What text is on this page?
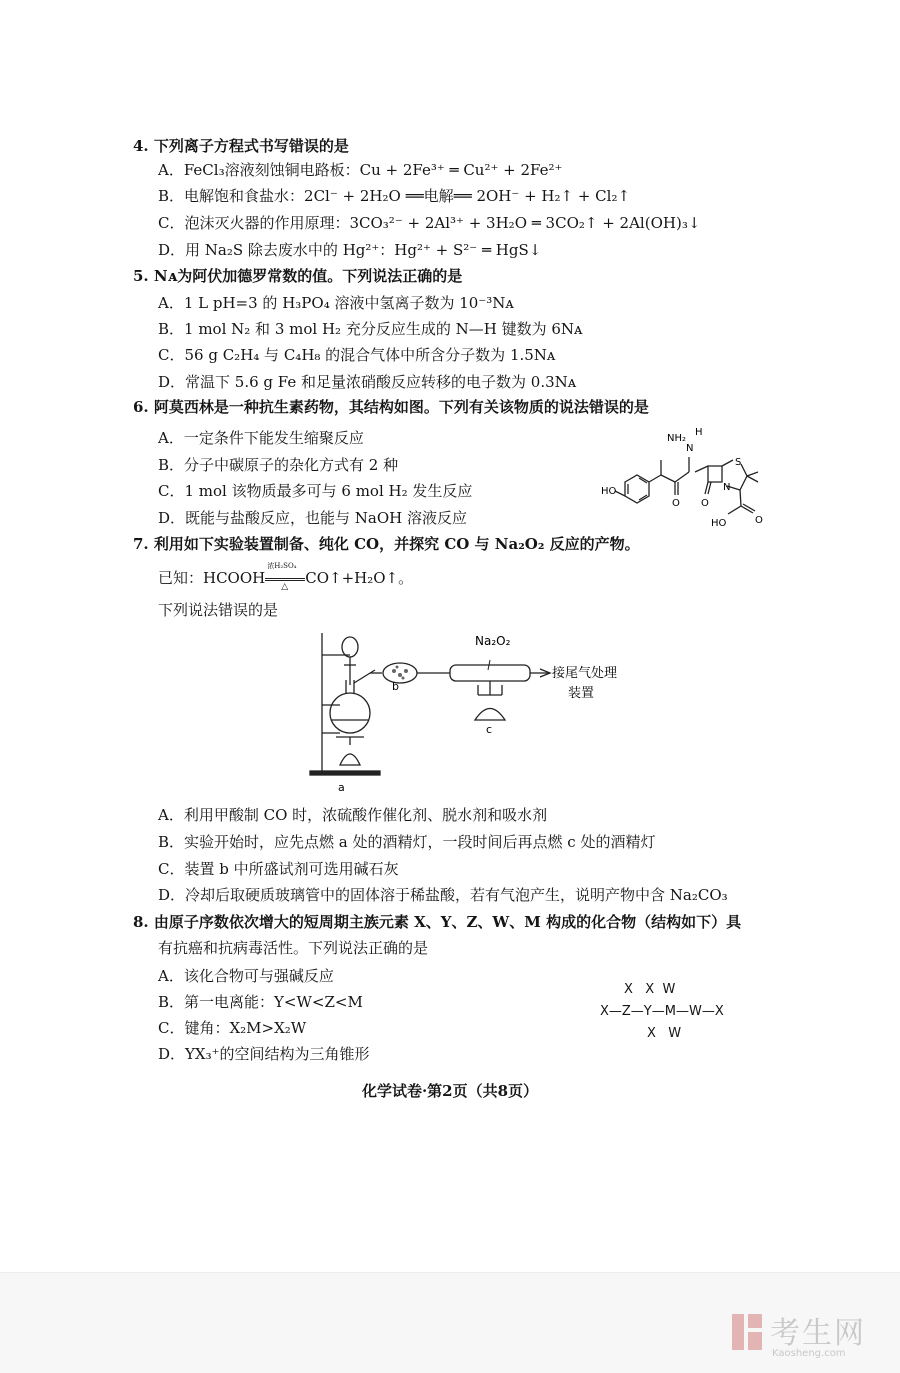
4. 下列离子方程式书写错误的是
A．FeCl₃溶液刻蚀铜电路板：Cu + 2Fe³⁺ ═ Cu²⁺ + 2Fe²⁺
B．电解饱和食盐水：2Cl⁻ + 2H₂O ══电解══ 2OH⁻ + H₂↑ + Cl₂↑
C．泡沫灭火器的作用原理：3CO₃²⁻ + 2Al³⁺ + 3H₂O ═ 3CO₂↑ + 2Al(OH)₃↓
D．用 Na₂S 除去废水中的 Hg²⁺：Hg²⁺ + S²⁻ ═ HgS↓
5. Nᴀ为阿伏加德罗常数的值。下列说法正确的是
A．1 L pH=3 的 H₃PO₄ 溶液中氢离子数为 10⁻³Nᴀ
B．1 mol N₂ 和 3 mol H₂ 充分反应生成的 N—H 键数为 6Nᴀ
C．56 g C₂H₄ 与 C₄H₈ 的混合气体中所含分子数为 1.5Nᴀ
D．常温下 5.6 g Fe 和足量浓硝酸反应转移的电子数为 0.3Nᴀ
6. 阿莫西林是一种抗生素药物，其结构如图。下列有关该物质的说法错误的是
A．一定条件下能发生缩聚反应
B．分子中碳原子的杂化方式有 2 种
C．1 mol 该物质最多可与 6 mol H₂ 发生反应
D．既能与盐酸反应，也能与 NaOH 溶液反应
NH₂
H
N
S
N
O O
HO
HO	O
7. 利用如下实验装置制备、纯化 CO，并探究 CO 与 Na₂O₂ 反应的产物。
已知：HCOOH
浓H₂SO₄
△ CO↑+H₂O↑。
下列说法错误的是
Na₂O₂
接尾气处理
装置
b
c
a
A．利用甲酸制 CO 时，浓硫酸作催化剂、脱水剂和吸水剂
B．实验开始时，应先点燃 a 处的酒精灯，一段时间后再点燃 c 处的酒精灯
C．装置 b 中所盛试剂可选用碱石灰
D．冷却后取硬质玻璃管中的固体溶于稀盐酸，若有气泡产生，说明产物中含 Na₂CO₃
8. 由原子序数依次增大的短周期主族元素 X、Y、Z、W、M 构成的化合物（结构如下）具
有抗癌和抗病毒活性。下列说法正确的是
A．该化合物可与强碱反应
B．第一电离能：Y<W<Z<M
C．键角：X₂M>X₂W
D．YX₃⁺的空间结构为三角锥形
X   X  W
X—Z—Y—M—W—X
X   W
化学试卷·第2页（共8页）
考生网
Kaosheng.com
